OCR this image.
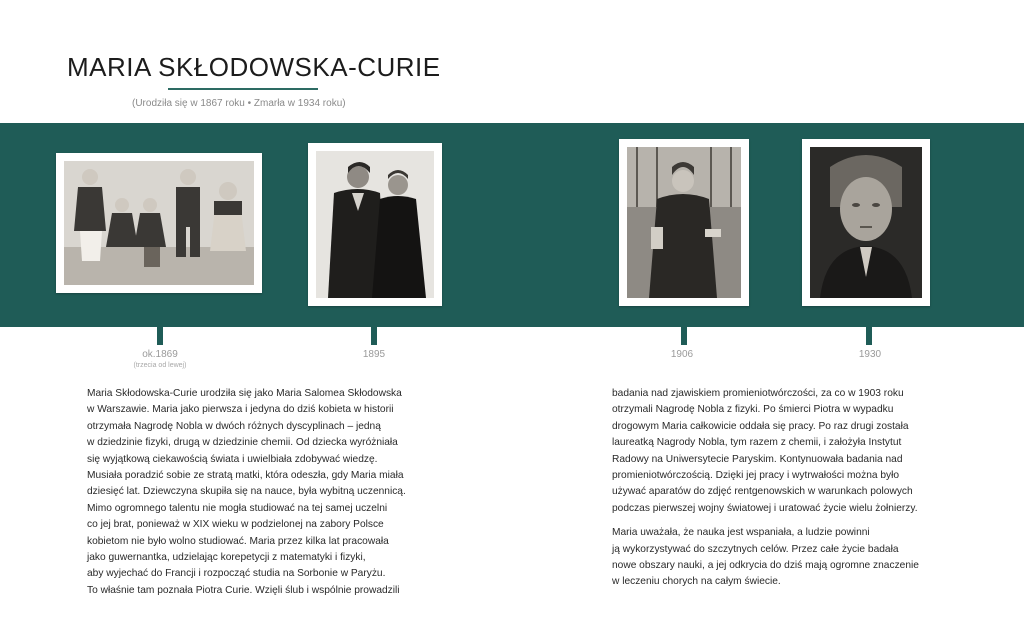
MARIA SKŁODOWSKA-CURIE
(Urodziła się w 1867 roku • Zmarła w 1934 roku)
ok.1869
(trzecia od lewej)
1895	1906	1930

Maria Skłodowska-Curie urodziła się jako Maria Salomea Skłodowska
w Warszawie. Maria jako pierwsza i jedyna do dziś kobieta w historii
otrzymała Nagrodę Nobla w dwóch różnych dyscyplinach – jedną
w dziedzinie fizyki, drugą w dziedzinie chemii. Od dziecka wyróżniała
się wyjątkową ciekawością świata i uwielbiała zdobywać wiedzę.
Musiała poradzić sobie ze stratą matki, która odeszła, gdy Maria miała
dziesięć lat. Dziewczyna skupiła się na nauce, była wybitną uczennicą.
Mimo ogromnego talentu nie mogła studiować na tej samej uczelni
co jej brat, ponieważ w XIX wieku w podzielonej na zabory Polsce
kobietom nie było wolno studiować. Maria przez kilka lat pracowała
jako guwernantka, udzielając korepetycji z matematyki i fizyki,
aby wyjechać do Francji i rozpocząć studia na Sorbonie w Paryżu.
To właśnie tam poznała Piotra Curie. Wzięli ślub i wspólnie prowadzili

badania nad zjawiskiem promieniotwórczości, za co w 1903 roku
otrzymali Nagrodę Nobla z fizyki. Po śmierci Piotra w wypadku
drogowym Maria całkowicie oddała się pracy. Po raz drugi została
laureatką Nagrody Nobla, tym razem z chemii, i założyła Instytut
Radowy na Uniwersytecie Paryskim. Kontynuowała badania nad
promieniotwórczością. Dzięki jej pracy i wytrwałości można było
używać aparatów do zdjęć rentgenowskich w warunkach polowych
podczas pierwszej wojny światowej i uratować życie wielu żołnierzy.

Maria uważała, że nauka jest wspaniała, a ludzie powinni
ją wykorzystywać do szczytnych celów. Przez całe życie badała
nowe obszary nauki, a jej odkrycia do dziś mają ogromne znaczenie
w leczeniu chorych na całym świecie.
